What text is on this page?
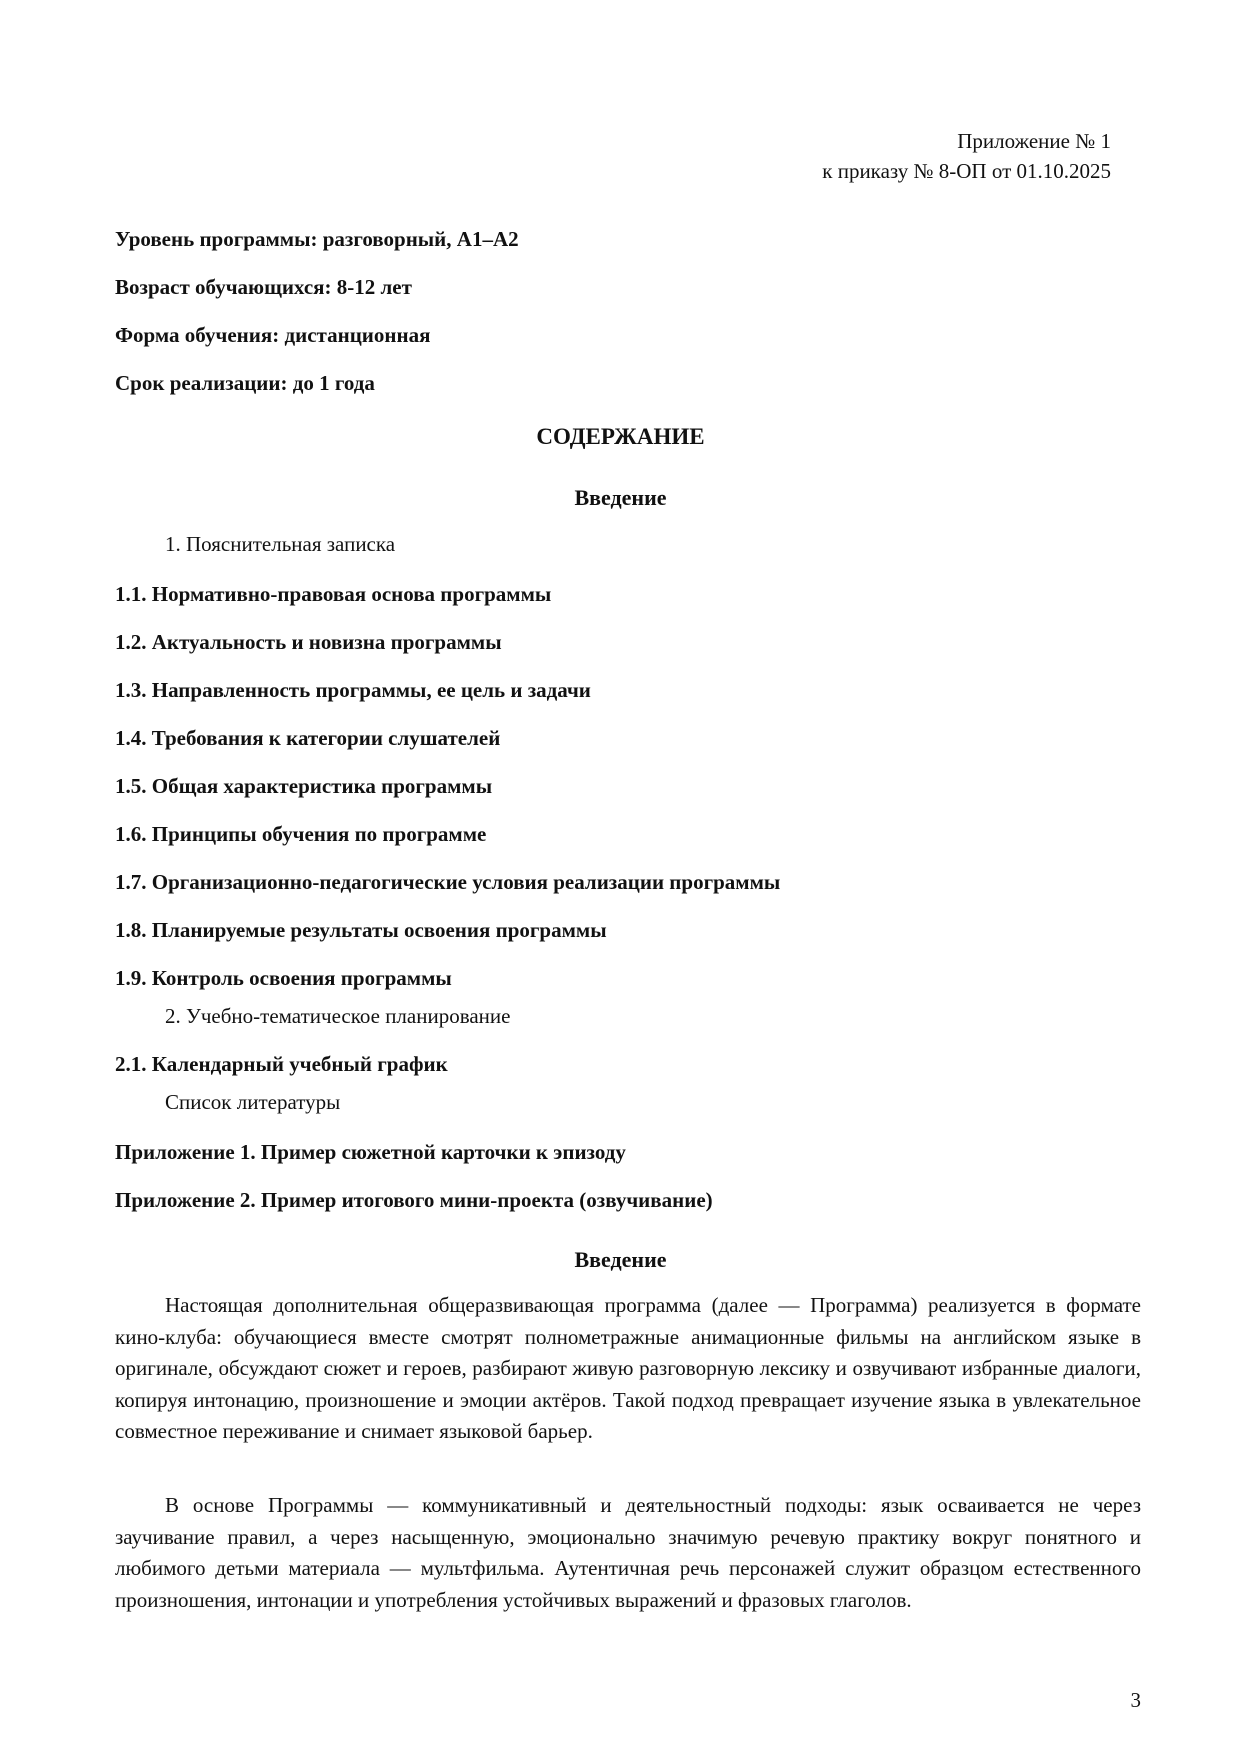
Приложение № 1
к приказу № 8-ОП от 01.10.2025
Уровень программы: разговорный, А1–А2
Возраст обучающихся: 8-12 лет
Форма обучения: дистанционная
Срок реализации: до 1 года
СОДЕРЖАНИЕ
Введение
1. Пояснительная записка
1.1. Нормативно-правовая основа программы
1.2. Актуальность и новизна программы
1.3. Направленность программы, ее цель и задачи
1.4. Требования к категории слушателей
1.5. Общая характеристика программы
1.6. Принципы обучения по программе
1.7. Организационно-педагогические условия реализации программы
1.8. Планируемые результаты освоения программы
1.9. Контроль освоения программы
2. Учебно-тематическое планирование
2.1. Календарный учебный график
Список литературы
Приложение 1. Пример сюжетной карточки к эпизоду
Приложение 2. Пример итогового мини-проекта (озвучивание)
Введение

Настоящая дополнительная общеразвивающая программа (далее — Программа) реализуется в формате кино-клуба: обучающиеся вместе смотрят полнометражные анимационные фильмы на английском языке в оригинале, обсуждают сюжет и героев, разбирают живую разговорную лексику и озвучивают избранные диалоги, копируя интонацию, произношение и эмоции актёров. Такой подход превращает изучение языка в увлекательное совместное переживание и снимает языковой барьер.

В основе Программы — коммуникативный и деятельностный подходы: язык осваивается не через заучивание правил, а через насыщенную, эмоционально значимую речевую практику вокруг понятного и любимого детьми материала — мультфильма. Аутентичная речь персонажей служит образцом естественного произношения, интонации и употребления устойчивых выражений и фразовых глаголов.

3
